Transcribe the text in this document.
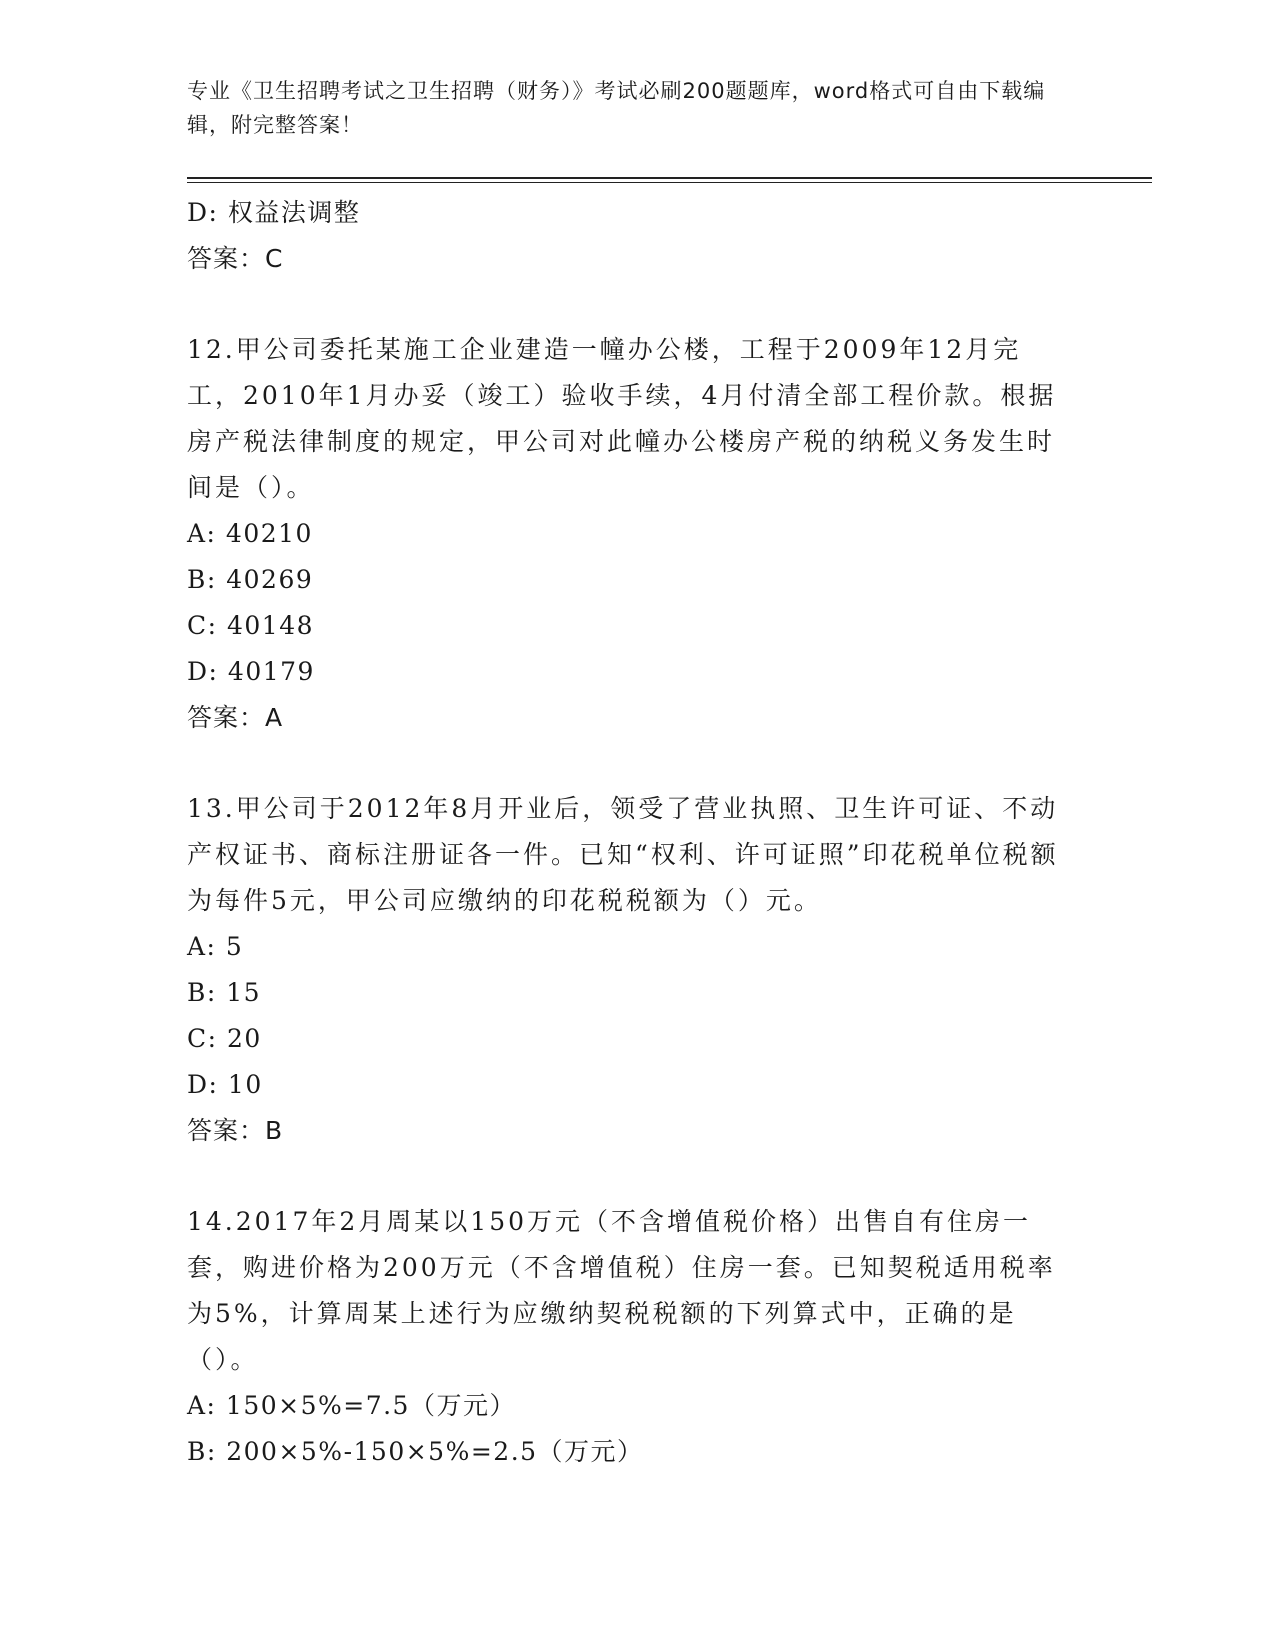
专业《卫生招聘考试之卫生招聘（财务）》考试必刷200题题库，word格式可自由下载编辑，附完整答案！
D: 权益法调整
答案：C
12.甲公司委托某施工企业建造一幢办公楼，工程于2009年12月完工，2010年1月办妥（竣工）验收手续，4月付清全部工程价款。根据房产税法律制度的规定，甲公司对此幢办公楼房产税的纳税义务发生时间是（）。
A: 40210
B: 40269
C: 40148
D: 40179
答案：A
13.甲公司于2012年8月开业后，领受了营业执照、卫生许可证、不动产权证书、商标注册证各一件。已知“权利、许可证照”印花税单位税额为每件5元，甲公司应缴纳的印花税税额为（）元。
A: 5
B: 15
C: 20
D: 10
答案：B
14.2017年2月周某以150万元（不含增值税价格）出售自有住房一套，购进价格为200万元（不含增值税）住房一套。已知契税适用税率为5%，计算周某上述行为应缴纳契税税额的下列算式中，正确的是（）。
A: 150×5%=7.5（万元）
B: 200×5%-150×5%=2.5（万元）
